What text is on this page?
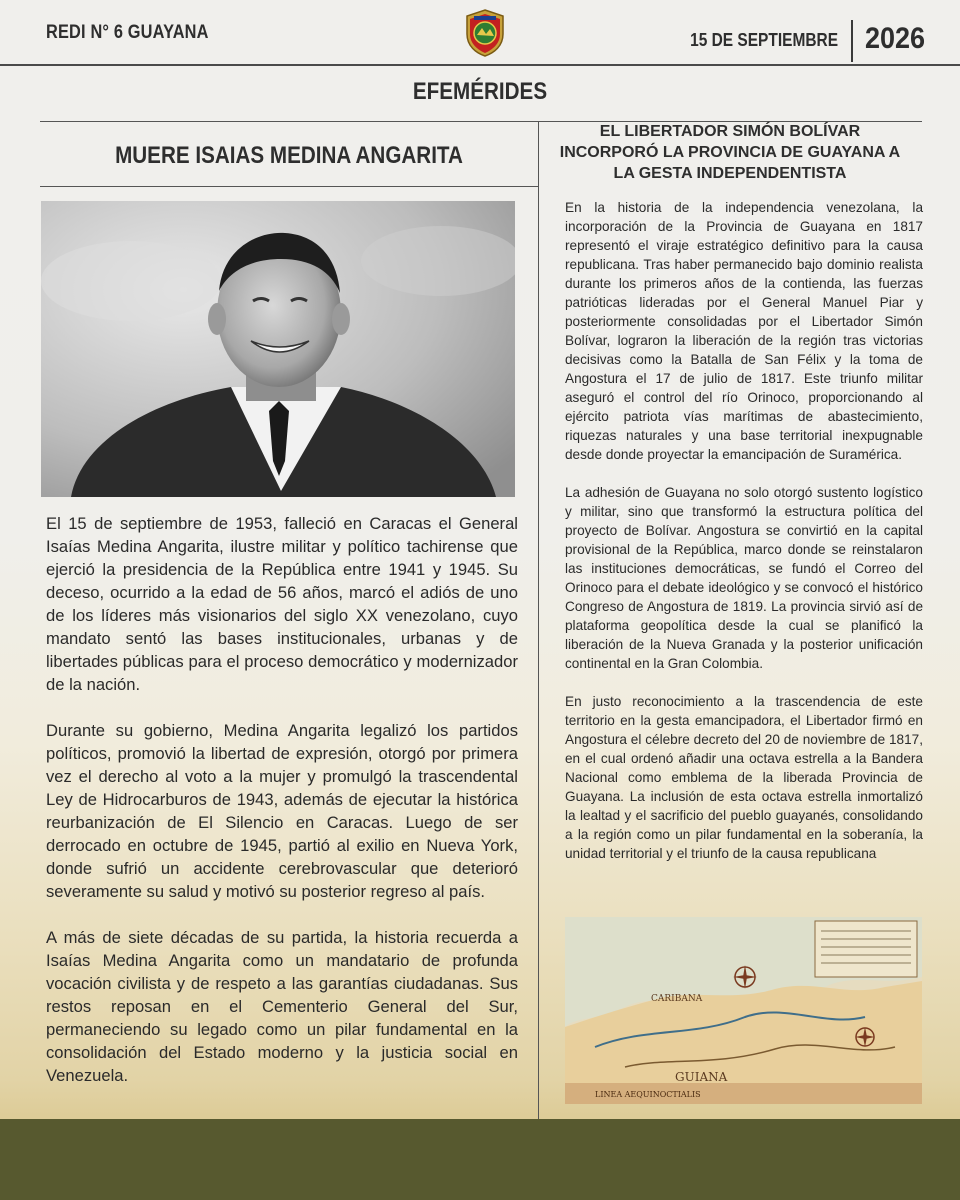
REDI N° 6 GUAYANA	15 DE SEPTIEMBRE 2026
EFEMÉRIDES
MUERE ISAIAS MEDINA ANGARITA
EL LIBERTADOR SIMÓN BOLÍVAR INCORPORÓ LA PROVINCIA DE GUAYANA A LA GESTA INDEPENDENTISTA

El 15 de septiembre de 1953, falleció en Caracas el General Isaías Medina Angarita, ilustre militar y político tachirense que ejerció la presidencia de la República entre 1941 y 1945. Su deceso, ocurrido a la edad de 56 años, marcó el adiós de uno de los líderes más visionarios del siglo XX venezolano, cuyo mandato sentó las bases institucionales, urbanas y de libertades públicas para el proceso democrático y modernizador de la nación.

Durante su gobierno, Medina Angarita legalizó los partidos políticos, promovió la libertad de expresión, otorgó por primera vez el derecho al voto a la mujer y promulgó la trascendental Ley de Hidrocarburos de 1943, además de ejecutar la histórica reurbanización de El Silencio en Caracas. Luego de ser derrocado en octubre de 1945, partió al exilio en Nueva York, donde sufrió un accidente cerebrovascular que deterioró severamente su salud y motivó su posterior regreso al país.

A más de siete décadas de su partida, la historia recuerda a Isaías Medina Angarita como un mandatario de profunda vocación civilista y de respeto a las garantías ciudadanas. Sus restos reposan en el Cementerio General del Sur, permaneciendo su legado como un pilar fundamental en la consolidación del Estado moderno y la justicia social en Venezuela.

En la historia de la independencia venezolana, la incorporación de la Provincia de Guayana en 1817 representó el viraje estratégico definitivo para la causa republicana. Tras haber permanecido bajo dominio realista durante los primeros años de la contienda, las fuerzas patrióticas lideradas por el General Manuel Piar y posteriormente consolidadas por el Libertador Simón Bolívar, lograron la liberación de la región tras victorias decisivas como la Batalla de San Félix y la toma de Angostura el 17 de julio de 1817. Este triunfo militar aseguró el control del río Orinoco, proporcionando al ejército patriota vías marítimas de abastecimiento, riquezas naturales y una base territorial inexpugnable desde donde proyectar la emancipación de Suramérica.

La adhesión de Guayana no solo otorgó sustento logístico y militar, sino que transformó la estructura política del proyecto de Bolívar. Angostura se convirtió en la capital provisional de la República, marco donde se reinstalaron las instituciones democráticas, se fundó el Correo del Orinoco para el debate ideológico y se convocó el histórico Congreso de Angostura de 1819. La provincia sirvió así de plataforma geopolítica desde la cual se planificó la liberación de la Nueva Granada y la posterior unificación continental en la Gran Colombia.

En justo reconocimiento a la trascendencia de este territorio en la gesta emancipadora, el Libertador firmó en Angostura el célebre decreto del 20 de noviembre de 1817, en el cual ordenó añadir una octava estrella a la Bandera Nacional como emblema de la liberada Provincia de Guayana. La inclusión de esta octava estrella inmortalizó la lealtad y el sacrificio del pueblo guayanés, consolidando a la región como un pilar fundamental en la soberanía, la unidad territorial y el triunfo de la causa republicana

CARIBANA
GUIANA
LINEA AEQUINOCTIALIS
